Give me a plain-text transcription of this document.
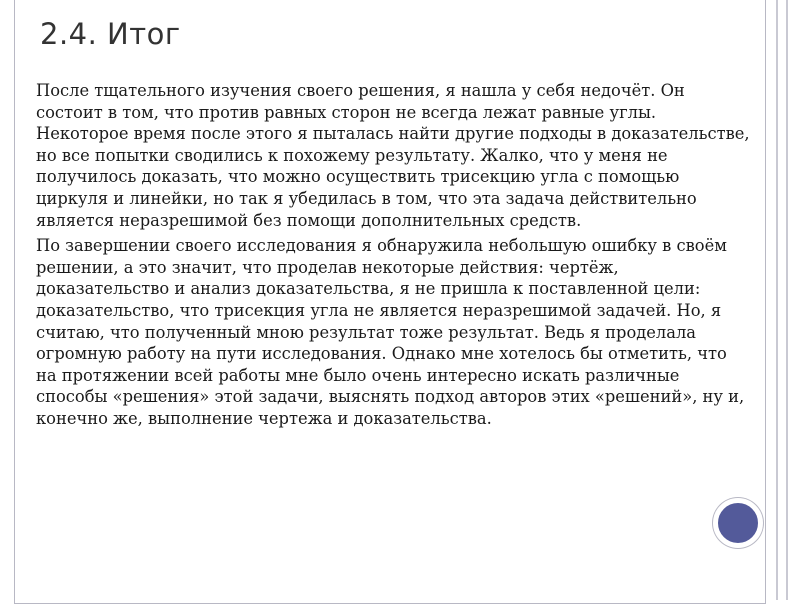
2.4. Итог

После тщательного изучения своего решения, я нашла у себя недочёт. Он состоит в том, что против равных сторон не всегда лежат равные углы. Некоторое время после этого я пыталась найти другие подходы в доказательстве, но все попытки сводились к похожему результату. Жалко, что у меня не получилось доказать, что можно осуществить трисекцию угла с помощью циркуля и линейки, но так я убедилась в том, что эта задача действительно является неразрешимой без помощи дополнительных средств.

По завершении своего исследования я обнаружила небольшую ошибку в своём решении, а это значит, что проделав некоторые действия: чертёж, доказательство и анализ доказательства, я не пришла к поставленной цели: доказательство, что трисекция угла не является неразрешимой задачей. Но, я считаю, что полученный мною результат тоже результат. Ведь я проделала огромную работу на пути исследования. Однако мне хотелось бы отметить, что на протяжении всей работы мне было очень интересно искать различные способы «решения» этой задачи, выяснять подход авторов этих «решений», ну и, конечно же, выполнение чертежа и доказательства.
